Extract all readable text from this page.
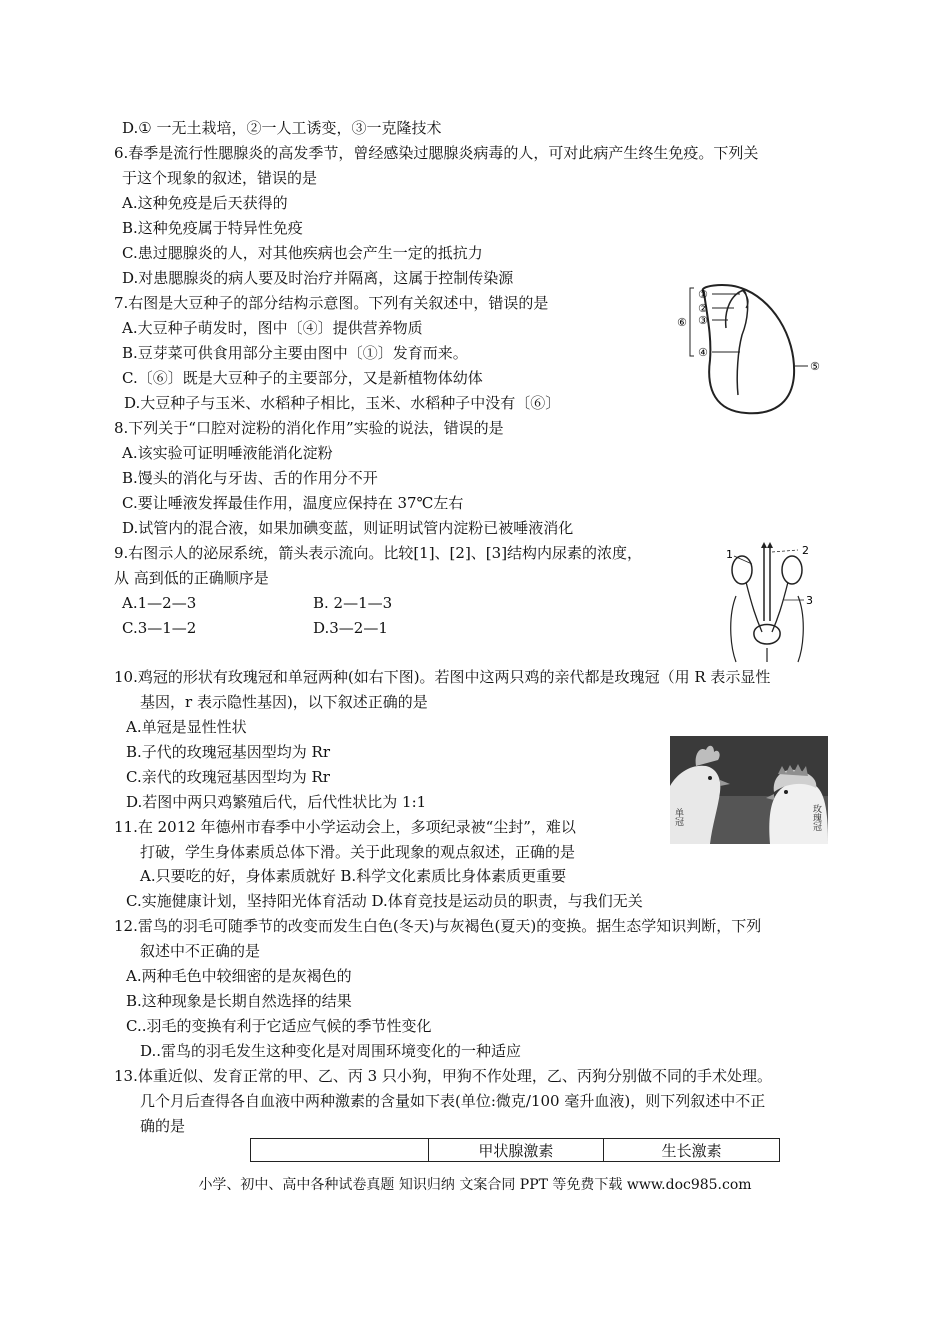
D.① 一无土栽培，②一人工诱变，③一克隆技术
6.春季是流行性腮腺炎的高发季节，曾经感染过腮腺炎病毒的人，可对此病产生终生免疫。下列关
于这个现象的叙述，错误的是
A.这种免疫是后天获得的
B.这种免疫属于特异性免疫
C.患过腮腺炎的人，对其他疾病也会产生一定的抵抗力
D.对患腮腺炎的病人要及时治疗并隔离，这属于控制传染源
7.右图是大豆种子的部分结构示意图。下列有关叙述中，错误的是
A.大豆种子萌发时，图中〔④〕提供营养物质
B.豆芽菜可供食用部分主要由图中〔①〕发育而来。
C.〔⑥〕既是大豆种子的主要部分，又是新植物体幼体
D.大豆种子与玉米、水稻种子相比，玉米、水稻种子中没有〔⑥〕
8.下列关于“口腔对淀粉的消化作用”实验的说法，错误的是
A.该实验可证明唾液能消化淀粉
B.馒头的消化与牙齿、舌的作用分不开
C.要让唾液发挥最佳作用，温度应保持在 37℃左右
D.试管内的混合液，如果加碘变蓝，则证明试管内淀粉已被唾液消化
9.右图示人的泌尿系统，箭头表示流向。比较[1]、[2]、[3]结构内尿素的浓度，
从 高到低的正确顺序是
A.1—2—3	B. 2—1—3
C.3—1—2	D.3—2—1
10.鸡冠的形状有玫瑰冠和单冠两种(如右下图)。若图中这两只鸡的亲代都是玫瑰冠（用 R 表示显性
基因，r 表示隐性基因)，以下叙述正确的是
A.单冠是显性性状
B.子代的玫瑰冠基因型均为 Rr
C.亲代的玫瑰冠基因型均为 Rr
D.若图中两只鸡繁殖后代，后代性状比为 1:1
11.在 2012 年德州市春季中小学运动会上，多项纪录被“尘封”，难以
打破，学生身体素质总体下滑。关于此现象的观点叙述，正确的是
A.只要吃的好，身体素质就好 B.科学文化素质比身体素质更重要
C.实施健康计划，坚持阳光体育活动 D.体育竞技是运动员的职责，与我们无关
12.雷鸟的羽毛可随季节的改变而发生白色(冬天)与灰褐色(夏天)的变换。据生态学知识判断，下列
叙述中不正确的是
A.两种毛色中较细密的是灰褐色的
B.这种现象是长期自然选择的结果
C..羽毛的变换有利于它适应气候的季节性变化
D..雷鸟的羽毛发生这种变化是对周围环境变化的一种适应
13.体重近似、发育正常的甲、乙、丙 3 只小狗，甲狗不作处理，乙、丙狗分别做不同的手术处理。
几个月后查得各自血液中两种激素的含量如下表(单位:微克/100 毫升血液)，则下列叙述中不正
确的是
①
②
③
④
⑤
⑥
1	2
3
单冠	玫瑰冠
	甲状腺激素	生长激素
小学、初中、高中各种试卷真题 知识归纳 文案合同 PPT 等免费下载 www.doc985.com
